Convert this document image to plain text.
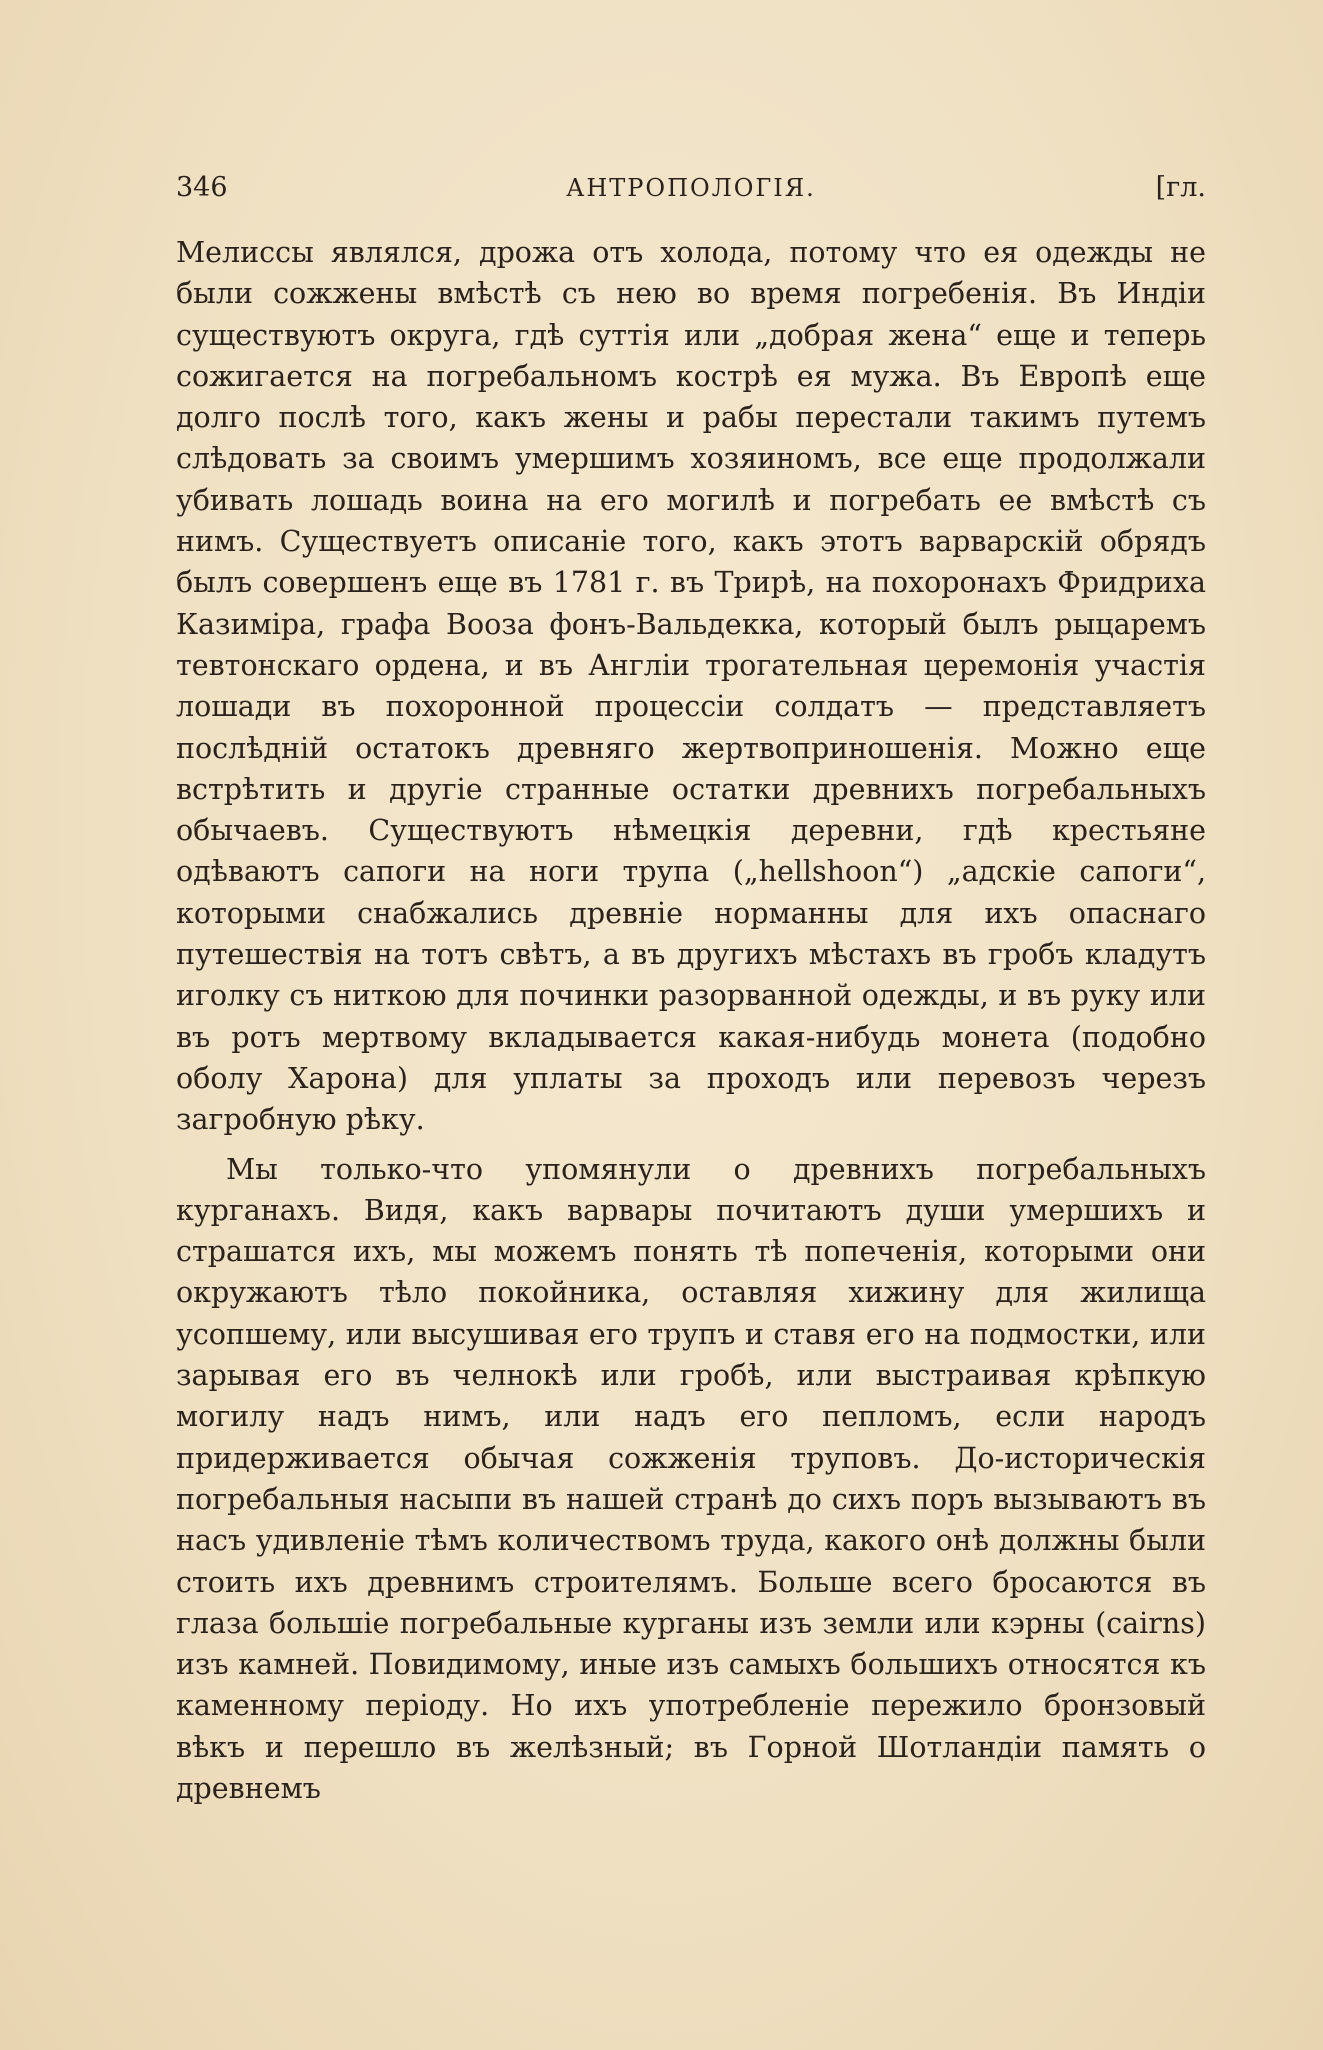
346	АНТРОПОЛОГIЯ.	[гл.

Мелиссы являлся, дрожа отъ холода, потому что ея одежды не были сожжены вмѣстѣ съ нею во время погребенiя. Въ Индiи существуютъ округа, гдѣ суттiя или „добрая жена“ еще и теперь сожигается на погребальномъ кострѣ ея мужа. Въ Европѣ еще долго послѣ того, какъ жены и рабы перестали такимъ путемъ слѣдовать за своимъ умершимъ хозяиномъ, все еще продолжали убивать лошадь воина на его могилѣ и погребать ее вмѣстѣ съ нимъ. Существуетъ описанiе того, какъ этотъ варварскiй обрядъ былъ совершенъ еще въ 1781 г. въ Трирѣ, на похоронахъ Фридриха Казимiра, графа Вооза фонъ-Вальдекка, который былъ рыцаремъ тевтонскаго ордена, и въ Англiи трогательная церемонiя участiя лошади въ похоронной процессiи солдатъ — представляетъ послѣднiй остатокъ древняго жертвоприношенiя. Можно еще встрѣтить и другiе странные остатки древнихъ погребальныхъ обычаевъ. Существуютъ нѣмецкiя деревни, гдѣ крестьяне одѣваютъ сапоги на ноги трупа („hellshoon“) „адскiе сапоги“, которыми снабжались древнiе норманны для ихъ опаснаго путешествiя на тотъ свѣтъ, а въ другихъ мѣстахъ въ гробъ кладутъ иголку съ ниткою для починки разорванной одежды, и въ руку или въ ротъ мертвому вкладывается какая-нибудь монета (подобно оболу Харона) для уплаты за проходъ или перевозъ черезъ загробную рѣку.

Мы только-что упомянули о древнихъ погребальныхъ курганахъ. Видя, какъ варвары почитаютъ души умершихъ и страшатся ихъ, мы можемъ понять тѣ попеченiя, которыми они окружаютъ тѣло покойника, оставляя хижину для жилища усопшему, или высушивая его трупъ и ставя его на подмостки, или зарывая его въ челнокѣ или гробѣ, или выстраивая крѣпкую могилу надъ нимъ, или надъ его пепломъ, если народъ придерживается обычая сожженiя труповъ. До-историческiя погребальныя насыпи въ нашей странѣ до сихъ поръ вызываютъ въ насъ удивленiе тѣмъ количествомъ труда, какого онѣ должны были стоить ихъ древнимъ строителямъ. Больше всего бросаются въ глаза большiе погребальные курганы изъ земли или кэрны (cairns) изъ камней. Повидимому, иные изъ самыхъ большихъ относятся къ каменному перiоду. Но ихъ употребленiе пережило бронзовый вѣкъ и перешло въ желѣзный; въ Горной Шотландiи память о древнемъ
